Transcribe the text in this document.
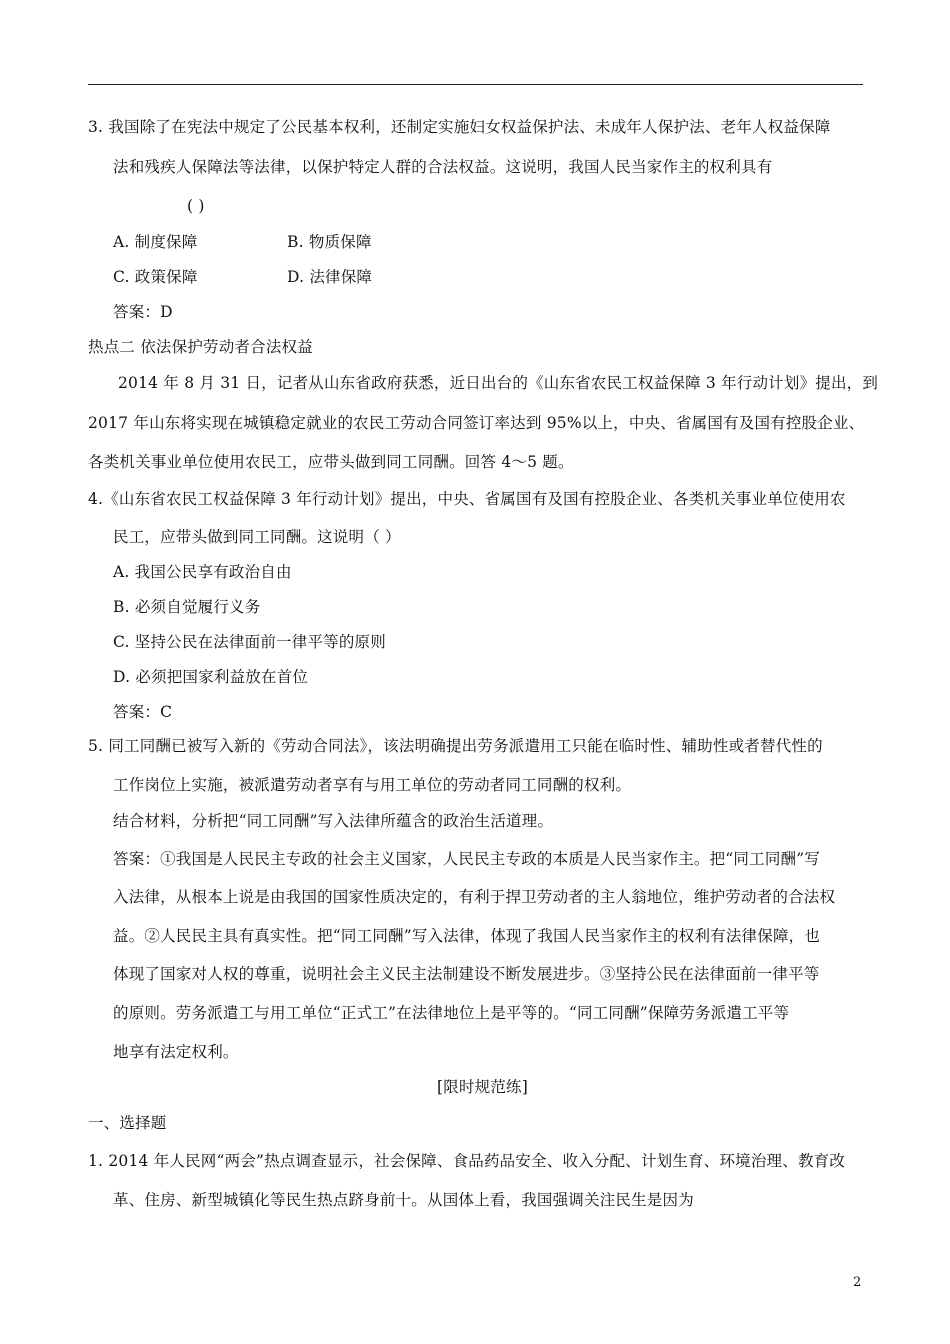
3. 我国除了在宪法中规定了公民基本权利，还制定实施妇女权益保护法、未成年人保护法、老年人权益保障
法和残疾人保障法等法律，以保护特定人群的合法权益。这说明，我国人民当家作主的权利具有
( )
A. 制度保障	B. 物质保障
C. 政策保障	D. 法律保障
答案：D
热点二 依法保护劳动者合法权益
2014 年 8 月 31 日，记者从山东省政府获悉，近日出台的《山东省农民工权益保障 3 年行动计划》提出，到
2017 年山东将实现在城镇稳定就业的农民工劳动合同签订率达到 95%以上，中央、省属国有及国有控股企业、
各类机关事业单位使用农民工，应带头做到同工同酬。回答 4～5 题。
4.《山东省农民工权益保障 3 年行动计划》提出，中央、省属国有及国有控股企业、各类机关事业单位使用农
民工，应带头做到同工同酬。这说明（ ）
A. 我国公民享有政治自由
B. 必须自觉履行义务
C. 坚持公民在法律面前一律平等的原则
D. 必须把国家利益放在首位
答案：C
5. 同工同酬已被写入新的《劳动合同法》，该法明确提出劳务派遣用工只能在临时性、辅助性或者替代性的
工作岗位上实施，被派遣劳动者享有与用工单位的劳动者同工同酬的权利。
结合材料，分析把“同工同酬”写入法律所蕴含的政治生活道理。
答案：①我国是人民民主专政的社会主义国家，人民民主专政的本质是人民当家作主。把“同工同酬”写
入法律，从根本上说是由我国的国家性质决定的，有利于捍卫劳动者的主人翁地位，维护劳动者的合法权
益。②人民民主具有真实性。把“同工同酬”写入法律，体现了我国人民当家作主的权利有法律保障，也
体现了国家对人权的尊重，说明社会主义民主法制建设不断发展进步。③坚持公民在法律面前一律平等
的原则。劳务派遣工与用工单位“正式工”在法律地位上是平等的。“同工同酬”保障劳务派遣工平等
地享有法定权利。
[限时规范练]
一、选择题
1. 2014 年人民网“两会”热点调查显示，社会保障、食品药品安全、收入分配、计划生育、环境治理、教育改
革、住房、新型城镇化等民生热点跻身前十。从国体上看，我国强调关注民生是因为
2
